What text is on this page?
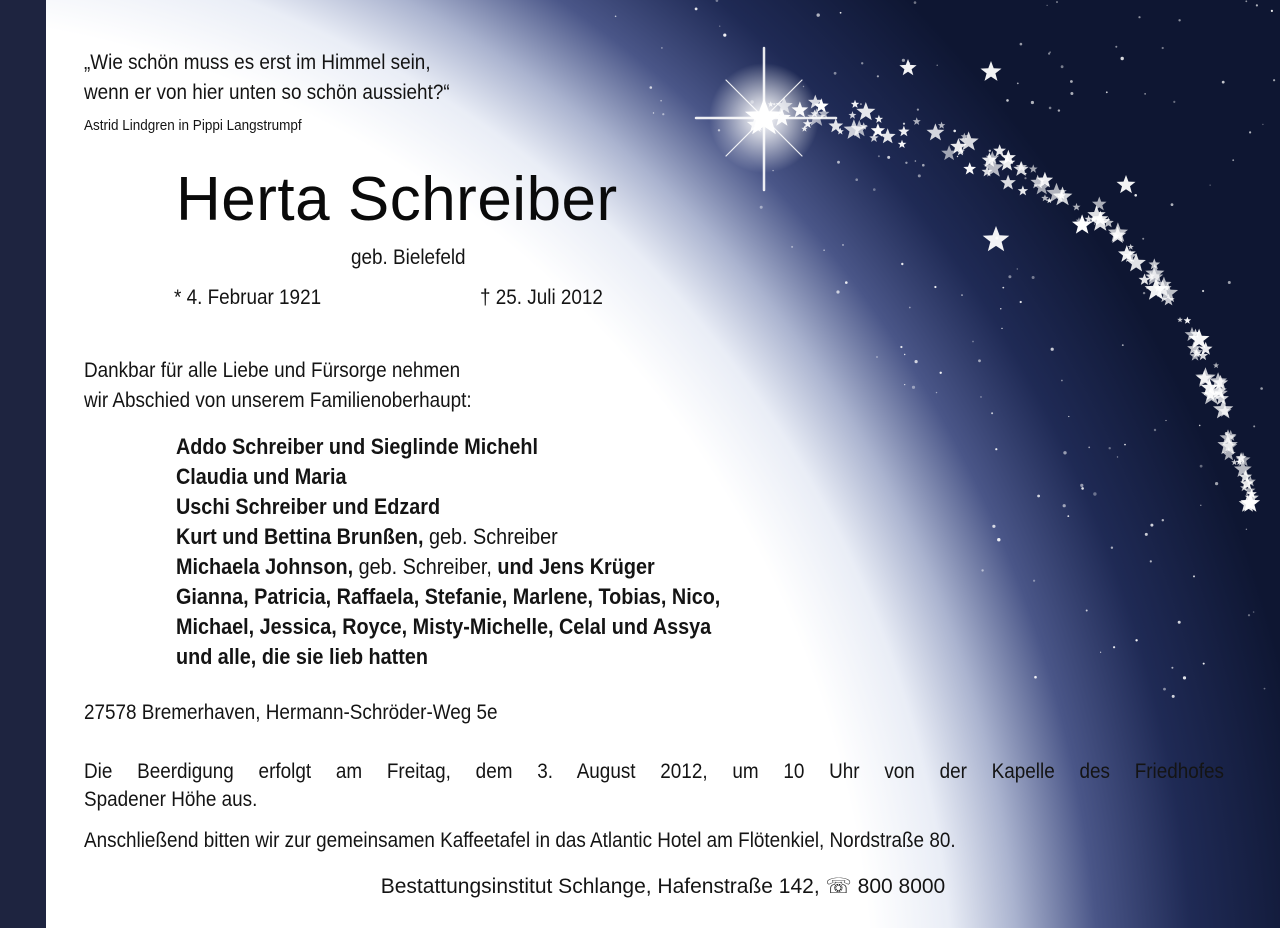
„Wie schön muss es erst im Himmel sein,
wenn er von hier unten so schön aussieht?“
Astrid Lindgren in Pippi Langstrumpf
Herta Schreiber
geb. Bielefeld
* 4. Februar 1921	† 25. Juli 2012
Dankbar für alle Liebe und Fürsorge nehmen
wir Abschied von unserem Familienoberhaupt:
Addo Schreiber und Sieglinde Michehl
Claudia und Maria
Uschi Schreiber und Edzard
Kurt und Bettina Brunßen, geb. Schreiber
Michaela Johnson, geb. Schreiber, und Jens Krüger
Gianna, Patricia, Raffaela, Stefanie, Marlene, Tobias, Nico,
Michael, Jessica, Royce, Misty-Michelle, Celal und Assya
und alle, die sie lieb hatten
27578 Bremerhaven, Hermann-Schröder-Weg 5e
Die Beerdigung erfolgt am Freitag, dem 3. August 2012, um 10 Uhr von der Kapelle des Friedhofes
Spadener Höhe aus.
Anschließend bitten wir zur gemeinsamen Kaffeetafel in das Atlantic Hotel am Flötenkiel, Nordstraße 80.
Bestattungsinstitut Schlange, Hafenstraße 142, ☏ 800 8000
